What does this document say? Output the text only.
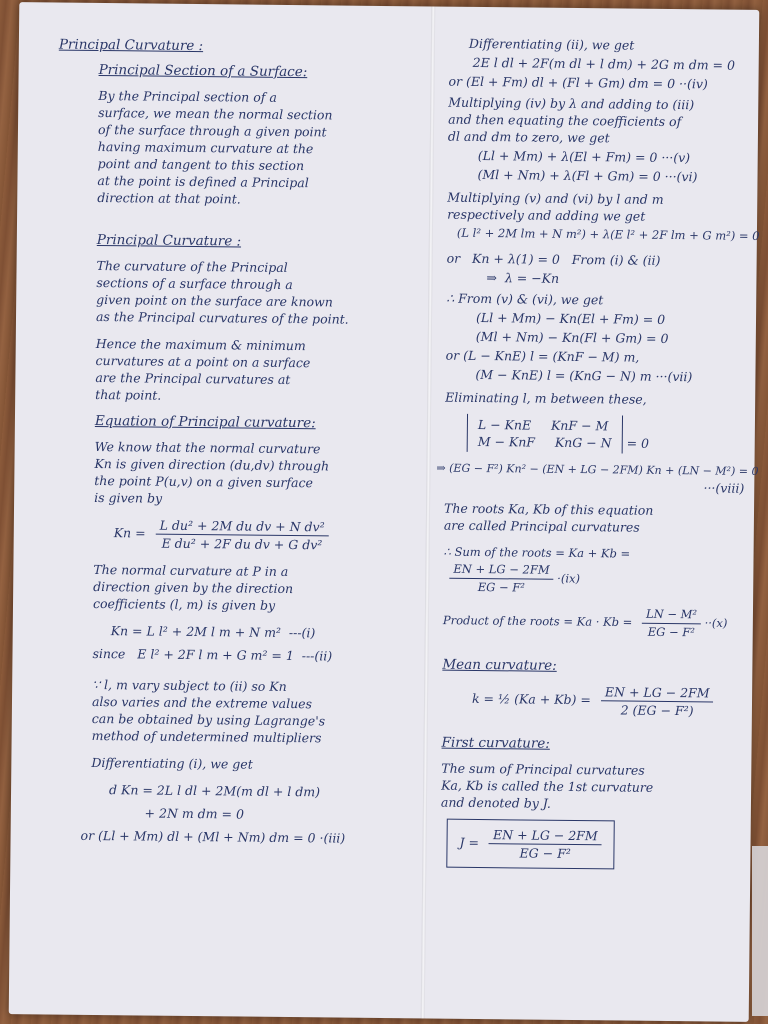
Principal Curvature :
Principal Section of a Surface:
By the Principal section of a
surface, we mean the normal section
of the surface through a given point
having maximum curvature at the
point and tangent to this section
at the point is defined a Principal
direction at that point.
Principal Curvature :
The curvature of the Principal
sections of a surface through a
given point on the surface are known
as the Principal curvatures of the point.
Hence the maximum & minimum
curvatures at a point on a surface
are the Principal curvatures at
that point.
Equation of Principal curvature:
We know that the normal curvature
Kn is given direction (du,dv) through
the point P(u,v) on a given surface
is given by
$Kn = \frac{\text{L du² + 2M du dv + N dv²}}{\text{E du² + 2F du dv + G dv²}}$
The normal curvature at P in a
direction given by the direction
coefficients (l, m) is given by
Kn = L l² + 2M l m + N m²  ---(i)
since   E l² + 2F l m + G m² = 1  ---(ii)
∵ l, m vary subject to (ii) so Kn
also varies and the extreme values
can be obtained by using Lagrange's
method of undetermined multipliers
Differentiating (i), we get
d Kn = 2L l dl + 2M(m dl + l dm)
+ 2N m dm = 0
or (Ll + Mm) dl + (Ml + Nm) dm = 0 ·(iii)
Differentiating (ii), we get
2E l dl + 2F(m dl + l dm) + 2G m dm = 0
or (El + Fm) dl + (Fl + Gm) dm = 0 ··(iv)
Multiplying (iv) by λ and adding to (iii)
and then equating the coefficients of
dl and dm to zero, we get
(Ll + Mm) + λ(El + Fm) = 0 ···(v)
(Ml + Nm) + λ(Fl + Gm) = 0 ···(vi)
Multiplying (v) and (vi) by l and m
respectively and adding we get
(L l² + 2M lm + N m²) + λ(E l² + 2F lm + G m²) = 0
or   Kn + λ(1) = 0   From (i) & (ii)
⇒  λ = −Kn
∴ From (v) & (vi), we get
(Ll + Mm) − Kn(El + Fm) = 0
(Ml + Nm) − Kn(Fl + Gm) = 0
or (L − KnE) l = (KnF − M) m,
(M − KnE) l = (KnG − N) m ···(vii)
Eliminating l, m between these,
L − KnE     KnF − M
M − KnF     KnG − N = 0
⇒ (EG − F²) Kn² − (EN + LG − 2FM) Kn + (LN − M²) = 0
···(viii)
The roots Ka, Kb of this equation
are called Principal curvatures
∴ Sum of the roots = Ka + Kb =
$\frac{EN + LG - 2FM}{\text{EG − F²}} \cdot(ix)$
Product of the roots = $Ka \cdot Kb = \frac{\text{LN − M²}}{\text{EG − F²}} \cdot\cdot(x)$
Mean curvature:
k = ½ $(Ka + Kb) = \frac{EN + LG - 2FM}{\text{2 (EG − F²)}}$
First curvature:
The sum of Principal curvatures
Ka, Kb is called the 1st curvature
and denoted by J.
$J = \frac{EN + LG - 2FM}{\text{EG − F²}}$
